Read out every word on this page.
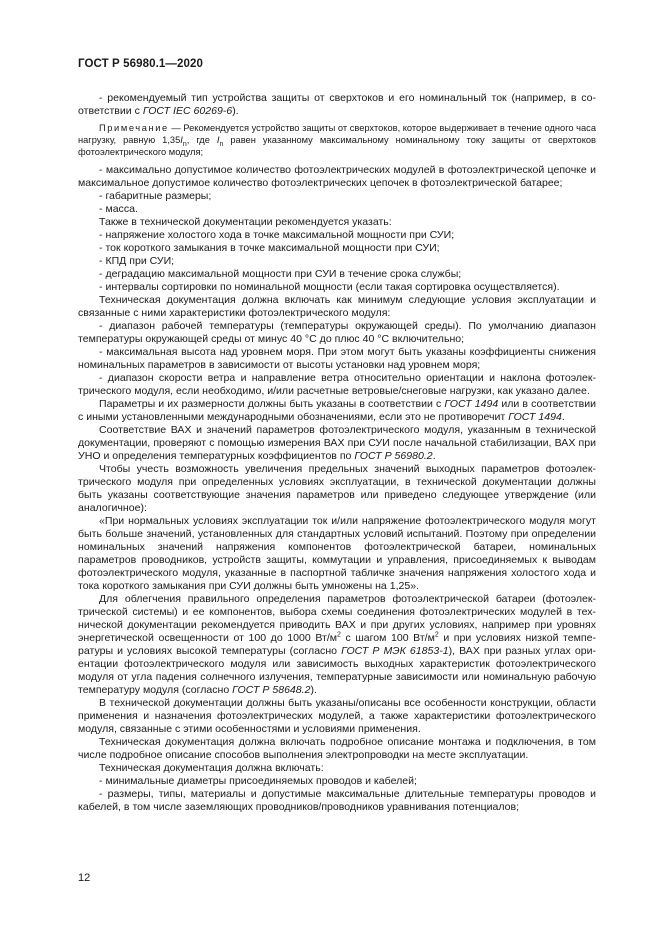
ГОСТ Р 56980.1—2020

- рекомендуемый тип устройства защиты от сверхтоков и его номинальный ток (например, в соответствии с ГОСТ IEC 60269-6).

Примечание — Рекомендуется устройство защиты от сверхтоков, которое выдерживает в течение одного часа нагрузку, равную $1,35I_n$, где $I_n$ равен указанному максимальному номинальному току защиты от сверхтоков фотоэлектрического модуля;

- максимально допустимое количество фотоэлектрических модулей в фотоэлектрической цепочке и максимальное допустимое количество фотоэлектрических цепочек в фотоэлектрической батарее;

- габаритные размеры;

- масса.

Также в технической документации рекомендуется указать:

- напряжение холостого хода в точке максимальной мощности при СУИ;

- ток короткого замыкания в точке максимальной мощности при СУИ;

- КПД при СУИ;

- деградацию максимальной мощности при СУИ в течение срока службы;

- интервалы сортировки по номинальной мощности (если такая сортировка осуществляется).

Техническая документация должна включать как минимум следующие условия эксплуатации и связанные с ними характеристики фотоэлектрического модуля:

- диапазон рабочей температуры (температуры окружающей среды). По умолчанию диапазон температуры окружающей среды от минус 40 °С до плюс 40 °С включительно;

- максимальная высота над уровнем моря. При этом могут быть указаны коэффициенты снижения номинальных параметров в зависимости от высоты установки над уровнем моря;

- диапазон скорости ветра и направление ветра относительно ориентации и наклона фотоэлектрического модуля, если необходимо, и/или расчетные ветровые/снеговые нагрузки, как указано далее.

Параметры и их размерности должны быть указаны в соответствии с ГОСТ 1494 или в соответствии с иными установленными международными обозначениями, если это не противоречит ГОСТ 1494.

Соответствие ВАХ и значений параметров фотоэлектрического модуля, указанным в технической документации, проверяют с помощью измерения ВАХ при СУИ после начальной стабилизации, ВАХ при УНО и определения температурных коэффициентов по ГОСТ Р 56980.2.

Чтобы учесть возможность увеличения предельных значений выходных параметров фотоэлектрического модуля при определенных условиях эксплуатации, в технической документации должны быть указаны соответствующие значения параметров или приведено следующее утверждение (или аналогичное):

«При нормальных условиях эксплуатации ток и/или напряжение фотоэлектрического модуля могут быть больше значений, установленных для стандартных условий испытаний. Поэтому при определении номинальных значений напряжения компонентов фотоэлектрической батареи, номинальных параметров проводников, устройств защиты, коммутации и управления, присоединяемых к выводам фотоэлектрического модуля, указанные в паспортной табличке значения напряжения холостого хода и тока короткого замыкания при СУИ должны быть умножены на 1,25».

Для облегчения правильного определения параметров фотоэлектрической батареи (фотоэлектрической системы) и ее компонентов, выбора схемы соединения фотоэлектрических модулей в технической документации рекомендуется приводить ВАХ и при других условиях, например при уровнях энергетической освещенности от 100 до 1000 $Вт/м^2$ с шагом 100 $Вт/м^2$ и при условиях низкой температуры и условиях высокой температуры (согласно ГОСТ Р МЭК 61853-1), ВАХ при разных углах ориентации фотоэлектрического модуля или зависимость выходных характеристик фотоэлектрического модуля от угла падения солнечного излучения, температурные зависимости или номинальную рабочую температуру модуля (согласно ГОСТ Р 58648.2).

В технической документации должны быть указаны/описаны все особенности конструкции, области применения и назначения фотоэлектрических модулей, а также характеристики фотоэлектрического модуля, связанные с этими особенностями и условиями применения.

Техническая документация должна включать подробное описание монтажа и подключения, в том числе подробное описание способов выполнения электропроводки на месте эксплуатации.

Техническая документация должна включать:

- минимальные диаметры присоединяемых проводов и кабелей;

- размеры, типы, материалы и допустимые максимальные длительные температуры проводов и кабелей, в том числе заземляющих проводников/проводников уравнивания потенциалов;

12
